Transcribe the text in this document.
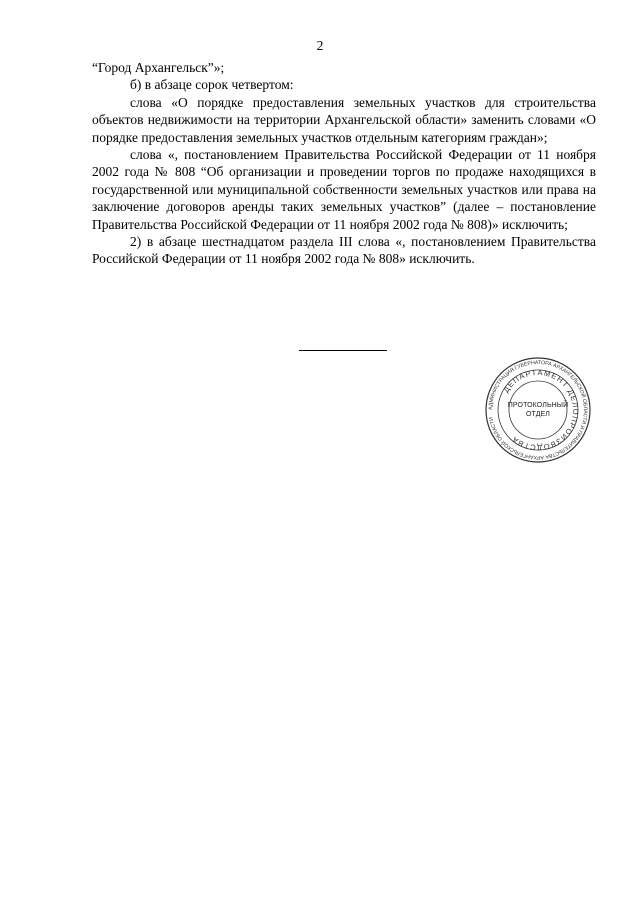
2

“Город Архангельск”»;

б) в абзаце сорок четвертом:

слова «О порядке предоставления земельных участков для строительства объектов недвижимости на территории Архангельской области» заменить словами «О порядке предоставления земельных участков отдельным категориям граждан»;

слова «, постановлением Правительства Российской Федерации от 11 ноября 2002 года № 808 “Об организации и проведении торгов по продаже находящихся в государственной или муниципальной собственности земельных участков или права на заключение договоров аренды таких земельных участков” (далее – постановление Правительства Российской Федерации от 11 ноября 2002 года № 808)» исключить;

2) в абзаце шестнадцатом раздела III слова «, постановлением Правительства Российской Федерации от 11 ноября 2002 года № 808» исключить.

АДМИНИСТРАЦИЯ ГУБЕРНАТОРА АРХАНГЕЛЬСКОЙ ОБЛАСТИ И ПРАВИТЕЛЬСТВА АРХАНГЕЛЬСКОЙ ОБЛАСТИ
ДЕПАРТАМЕНТ ДЕЛОПРОИЗВОДСТВА
ПРОТОКОЛЬНЫЙ
ОТДЕЛ
